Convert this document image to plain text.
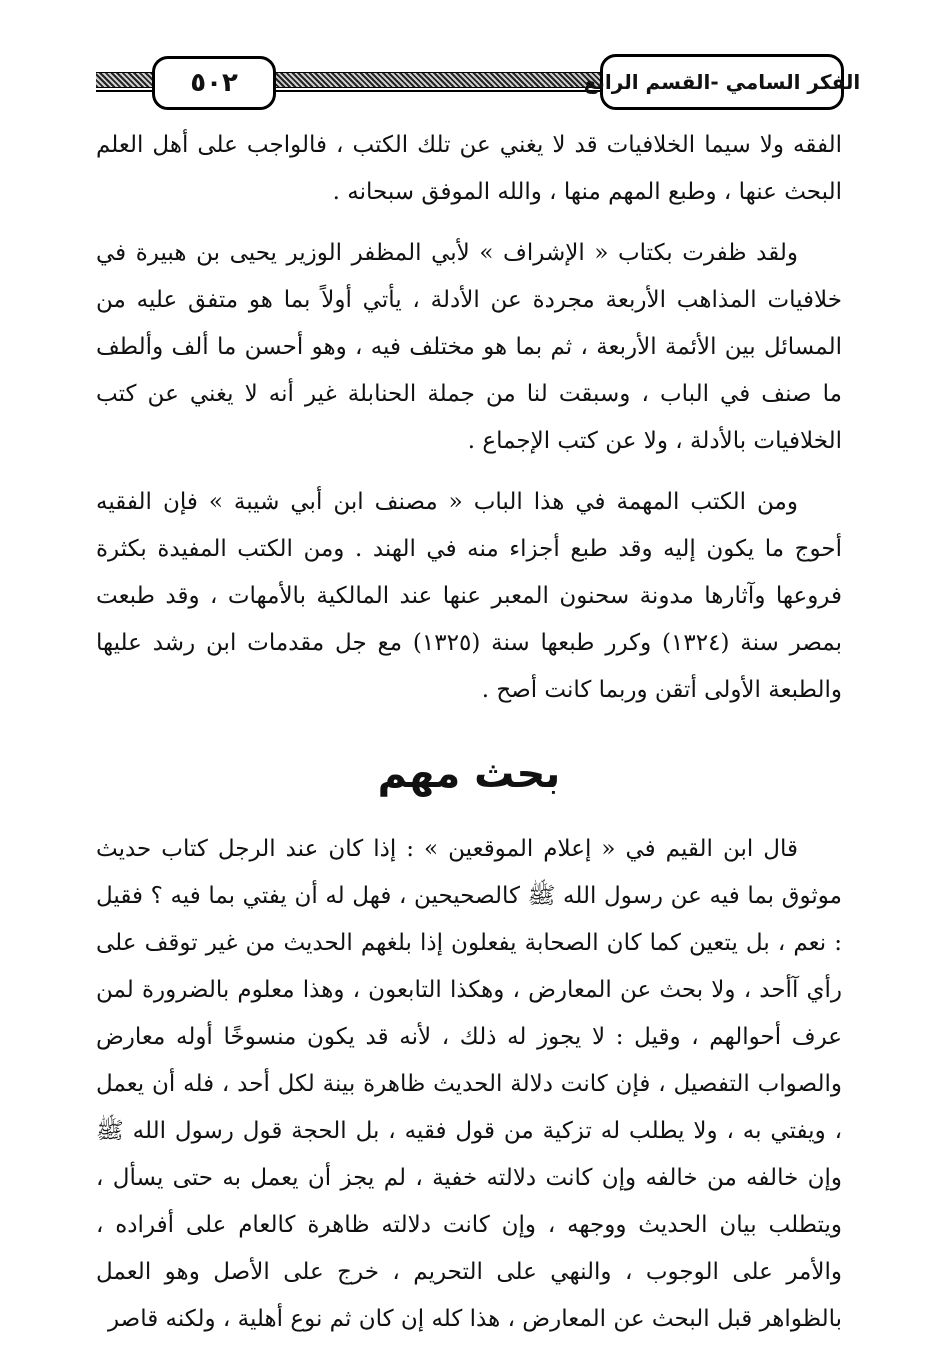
٥٠٢	الفكر السامي -القسم الرابع

الفقه ولا سيما الخلافيات قد لا يغني عن تلك الكتب ، فالواجب على أهل العلم البحث عنها ، وطبع المهم منها ، والله الموفق سبحانه .

ولقد ظفرت بكتاب « الإشراف » لأبي المظفر الوزير يحيى بن هبيرة في خلافيات المذاهب الأربعة مجردة عن الأدلة ، يأتي أولاً بما هو متفق عليه من المسائل بين الأئمة الأربعة ، ثم بما هو مختلف فيه ، وهو أحسن ما ألف وألطف ما صنف في الباب ، وسبقت لنا من جملة الحنابلة غير أنه لا يغني عن كتب الخلافيات بالأدلة ، ولا عن كتب الإجماع .

ومن الكتب المهمة في هذا الباب « مصنف ابن أبي شيبة » فإن الفقيه أحوج ما يكون إليه وقد طبع أجزاء منه في الهند . ومن الكتب المفيدة بكثرة فروعها وآثارها مدونة سحنون المعبر عنها عند المالكية بالأمهات ، وقد طبعت بمصر سنة (١٣٢٤) وكرر طبعها سنة (١٣٢٥) مع جل مقدمات ابن رشد عليها والطبعة الأولى أتقن وربما كانت أصح .

بحث مهم

قال ابن القيم في « إعلام الموقعين » : إذا كان عند الرجل كتاب حديث موثوق بما فيه عن رسول الله ﷺ كالصحيحين ، فهل له أن يفتي بما فيه ؟ فقيل : نعم ، بل يتعين كما كان الصحابة يفعلون إذا بلغهم الحديث من غير توقف على رأي آأحد ، ولا بحث عن المعارض ، وهكذا التابعون ، وهذا معلوم بالضرورة لمن عرف أحوالهم ، وقيل : لا يجوز له ذلك ، لأنه قد يكون منسوخًا أوله معارض والصواب التفصيل ، فإن كانت دلالة الحديث ظاهرة بينة لكل أحد ، فله أن يعمل ، ويفتي به ، ولا يطلب له تزكية من قول فقيه ، بل الحجة قول رسول الله ﷺ وإن خالفه من خالفه وإن كانت دلالته خفية ، لم يجز أن يعمل به حتى يسأل ، ويتطلب بيان الحديث ووجهه ، وإن كانت دلالته ظاهرة كالعام على أفراده ، والأمر على الوجوب ، والنهي على التحريم ، خرج على الأصل وهو العمل بالظواهر قبل البحث عن المعارض ، هذا كله إن كان ثم نوع أهلية ، ولكنه قاصر
